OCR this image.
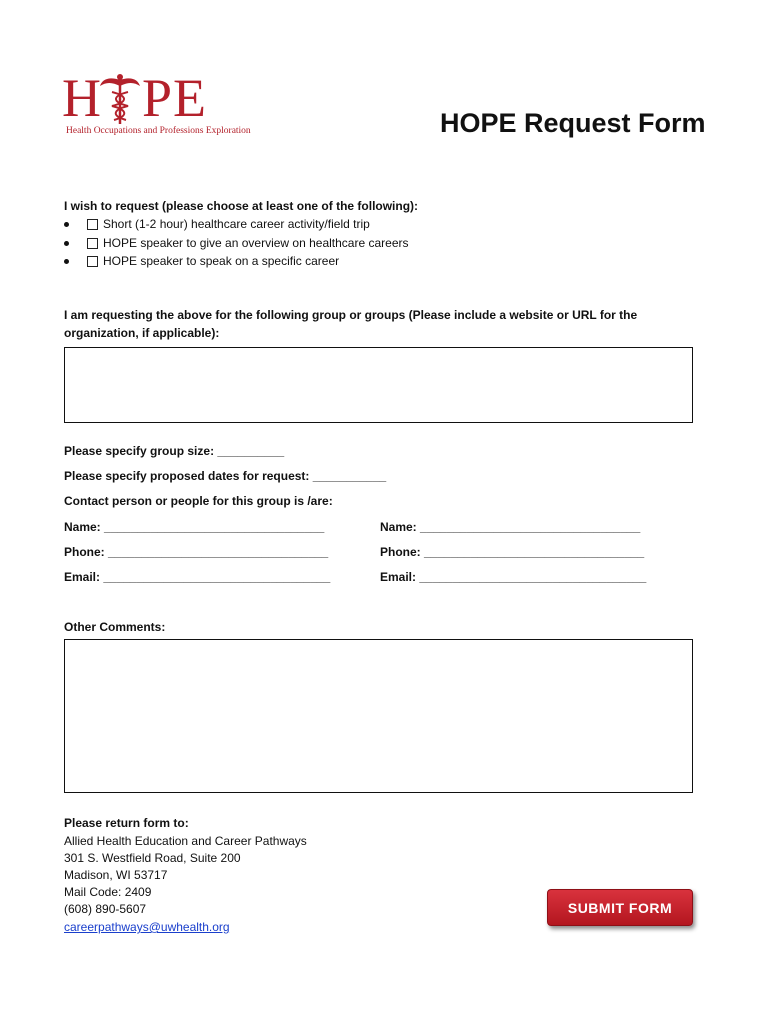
H PE
Health Occupations and Professions Exploration	HOPE Request Form
I wish to request (please choose at least one of the following):
Short (1-2 hour) healthcare career activity/field trip
HOPE speaker to give an overview on healthcare careers
HOPE speaker to speak on a specific career
I am requesting the above for the following group or groups (Please include a website or URL for the
organization, if applicable):
Please specify group size: __________
Please specify proposed dates for request: ___________
Contact person or people for this group is /are:
Name: _________________________________	Name: _________________________________
Phone: _________________________________	Phone: _________________________________
Email: __________________________________	Email: __________________________________
Other Comments:
Please return form to:
Allied Health Education and Career Pathways
301 S. Westfield Road, Suite 200
Madison, WI 53717
Mail Code: 2409
(608) 890-5607
careerpathways@uwhealth.org
SUBMIT FORM
